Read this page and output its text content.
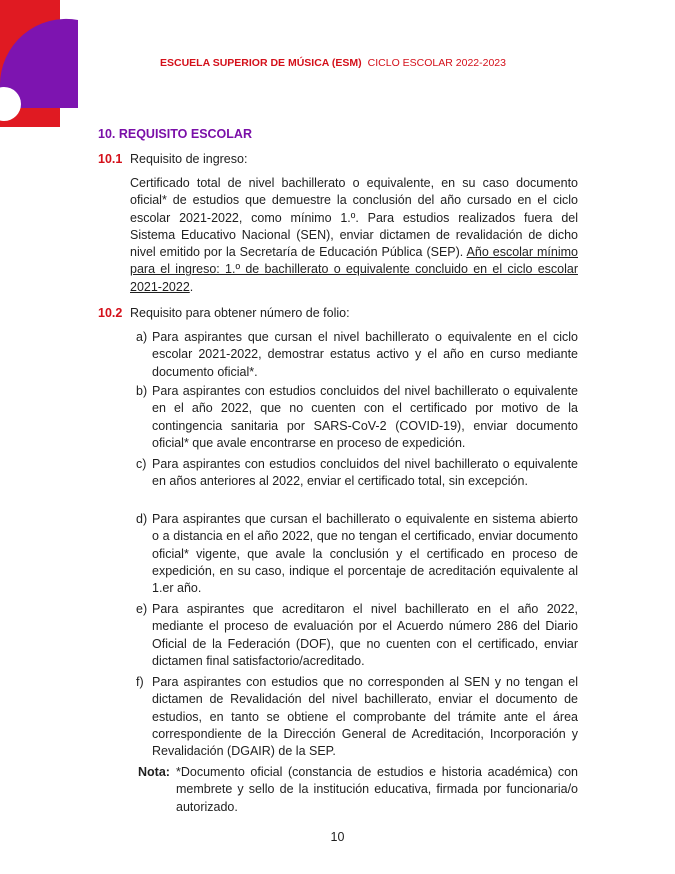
ESCUELA SUPERIOR DE MÚSICA (ESM) CICLO ESCOLAR 2022-2023
10. REQUISITO ESCOLAR
10.1 Requisito de ingreso:
Certificado total de nivel bachillerato o equivalente, en su caso documento oficial* de estudios que demuestre la conclusión del año cursado en el ciclo escolar 2021-2022, como mínimo 1.º. Para estudios realizados fuera del Sistema Educativo Nacional (SEN), enviar dictamen de revalidación de dicho nivel emitido por la Secretaría de Educación Pública (SEP). Año escolar mínimo para el ingreso: 1.º de bachillerato o equivalente concluido en el ciclo escolar 2021-2022.
10.2 Requisito para obtener número de folio:
a) Para aspirantes que cursan el nivel bachillerato o equivalente en el ciclo escolar 2021-2022, demostrar estatus activo y el año en curso mediante documento oficial*.
b) Para aspirantes con estudios concluidos del nivel bachillerato o equivalente en el año 2022, que no cuenten con el certificado por motivo de la contingencia sanitaria por SARS-CoV-2 (COVID-19), enviar documento oficial* que avale encontrarse en proceso de expedición.
c) Para aspirantes con estudios concluidos del nivel bachillerato o equivalente en años anteriores al 2022, enviar el certificado total, sin excepción.
d) Para aspirantes que cursan el bachillerato o equivalente en sistema abierto o a distancia en el año 2022, que no tengan el certificado, enviar documento oficial* vigente, que avale la conclusión y el certificado en proceso de expedición, en su caso, indique el porcentaje de acreditación equivalente al 1.er año.
e) Para aspirantes que acreditaron el nivel bachillerato en el año 2022, mediante el proceso de evaluación por el Acuerdo número 286 del Diario Oficial de la Federación (DOF), que no cuenten con el certificado, enviar dictamen final satisfactorio/acreditado.
f) Para aspirantes con estudios que no corresponden al SEN y no tengan el dictamen de Revalidación del nivel bachillerato, enviar el documento de estudios, en tanto se obtiene el comprobante del trámite ante el área correspondiente de la Dirección General de Acreditación, Incorporación y Revalidación (DGAIR) de la SEP.
Nota: *Documento oficial (constancia de estudios e historia académica) con membrete y sello de la institución educativa, firmada por funcionaria/o autorizado.
10
